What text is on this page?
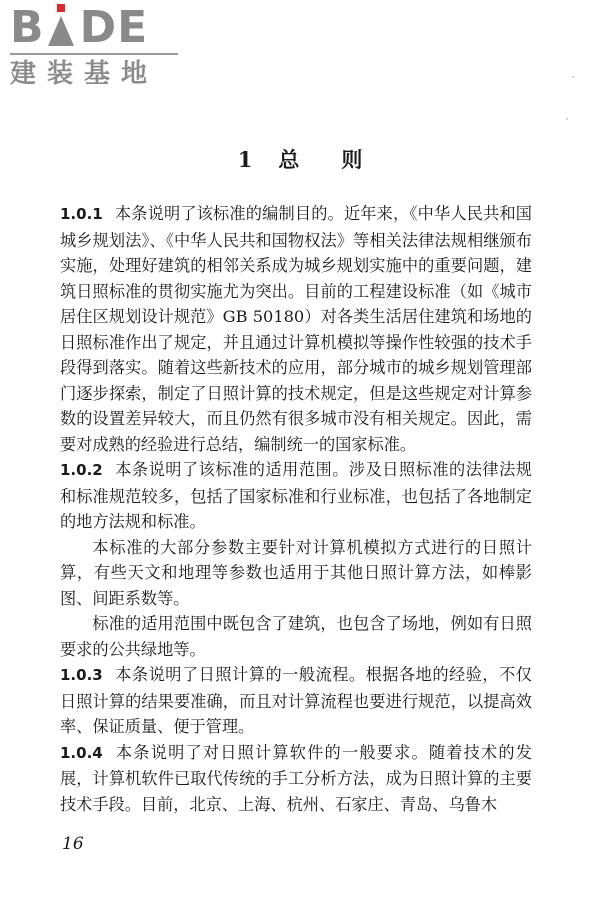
B DE
建装基地
1 总 则

1.0.1 本条说明了该标准的编制目的。近年来，《中华人民共和国城乡规划法》、《中华人民共和国物权法》等相关法律法规相继颁布实施，处理好建筑的相邻关系成为城乡规划实施中的重要问题，建筑日照标准的贯彻实施尤为突出。目前的工程建设标准（如《城市居住区规划设计规范》GB 50180）对各类生活居住建筑和场地的日照标准作出了规定，并且通过计算机模拟等操作性较强的技术手段得到落实。随着这些新技术的应用，部分城市的城乡规划管理部门逐步探索，制定了日照计算的技术规定，但是这些规定对计算参数的设置差异较大，而且仍然有很多城市没有相关规定。因此，需要对成熟的经验进行总结，编制统一的国家标准。

1.0.2 本条说明了该标准的适用范围。涉及日照标准的法律法规和标准规范较多，包括了国家标准和行业标准，也包括了各地制定的地方法规和标准。

本标准的大部分参数主要针对计算机模拟方式进行的日照计算，有些天文和地理等参数也适用于其他日照计算方法，如棒影图、间距系数等。

标准的适用范围中既包含了建筑，也包含了场地，例如有日照要求的公共绿地等。

1.0.3 本条说明了日照计算的一般流程。根据各地的经验，不仅日照计算的结果要准确，而且对计算流程也要进行规范，以提高效率、保证质量、便于管理。

1.0.4 本条说明了对日照计算软件的一般要求。随着技术的发展，计算机软件已取代传统的手工分析方法，成为日照计算的主要技术手段。目前，北京、上海、杭州、石家庄、青岛、乌鲁木

16
